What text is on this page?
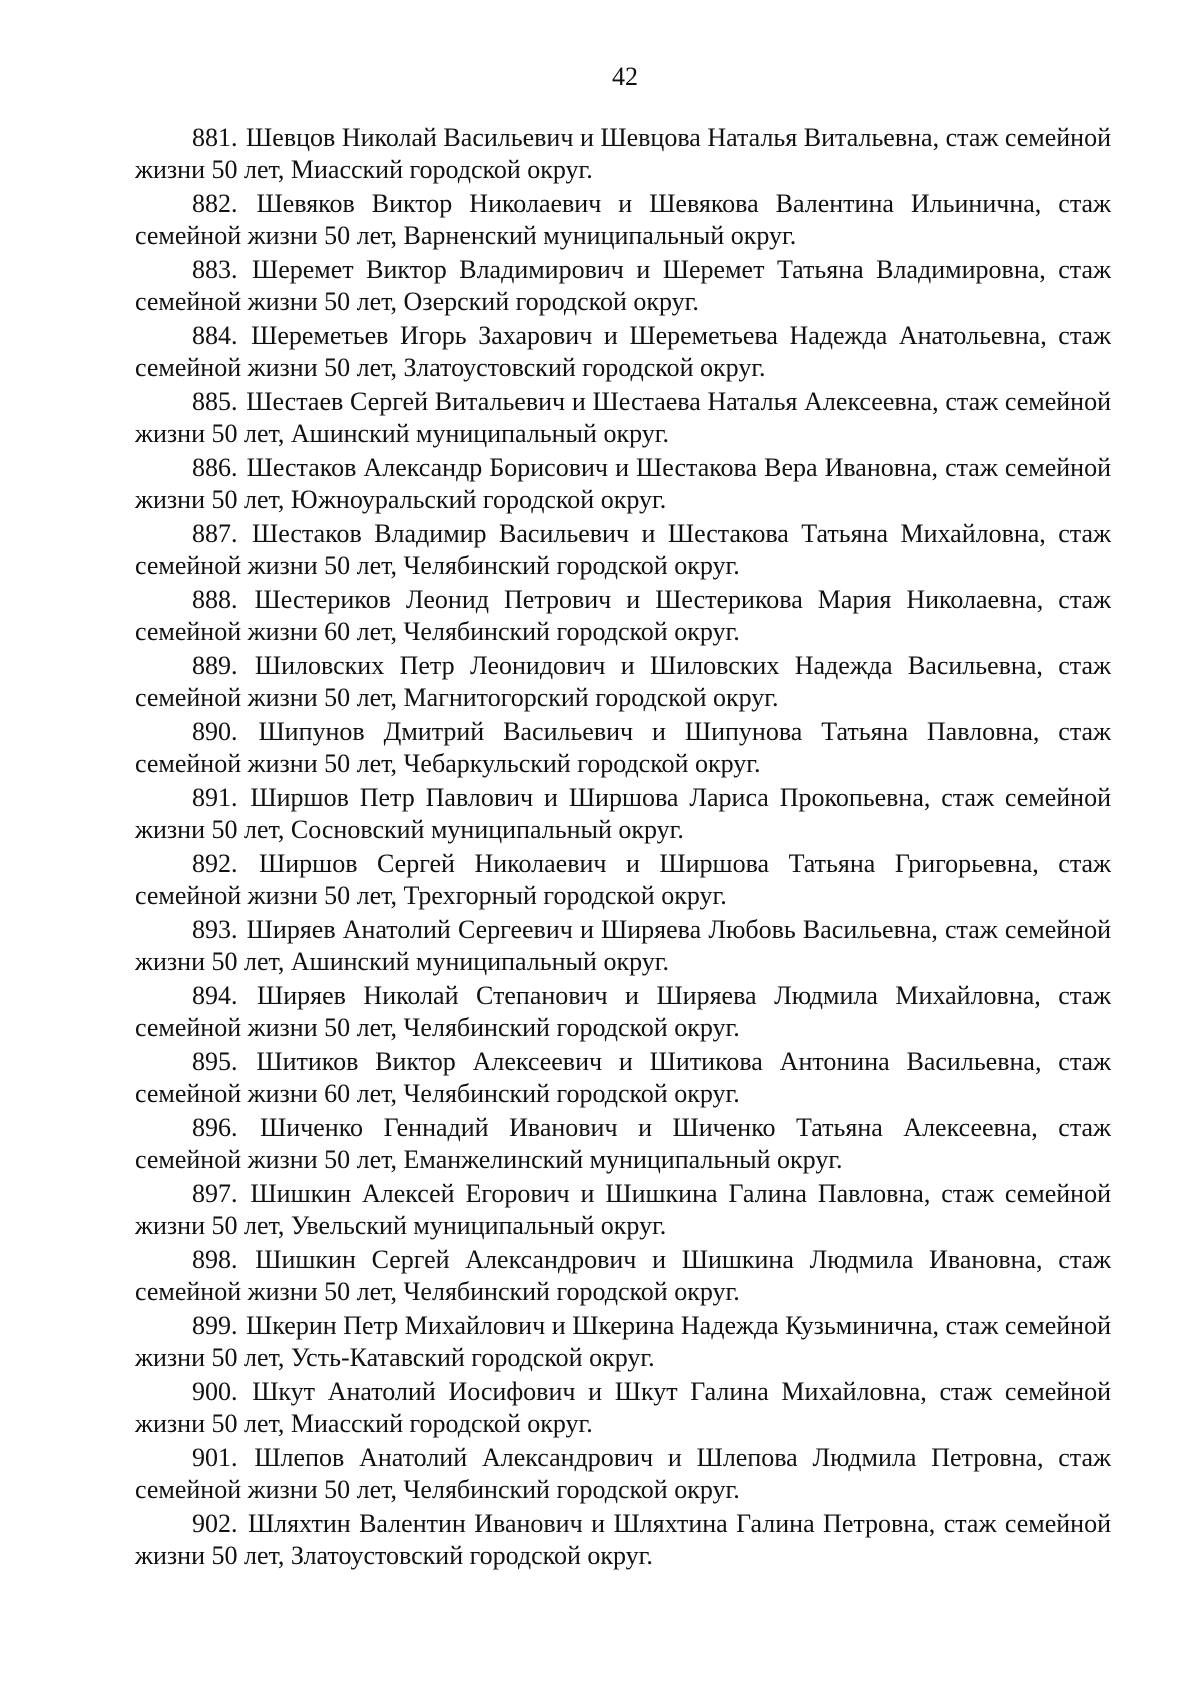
42
881. Шевцов Николай Васильевич и Шевцова Наталья Витальевна, стаж семейной жизни 50 лет, Миасский городской округ.
882. Шевяков Виктор Николаевич и Шевякова Валентина Ильинична, стаж семейной жизни 50 лет, Варненский муниципальный округ.
883. Шеремет Виктор Владимирович и Шеремет Татьяна Владимировна, стаж семейной жизни 50 лет, Озерский городской округ.
884. Шереметьев Игорь Захарович и Шереметьева Надежда Анатольевна, стаж семейной жизни 50 лет, Златоустовский городской округ.
885. Шестаев Сергей Витальевич и Шестаева Наталья Алексеевна, стаж семейной жизни 50 лет, Ашинский муниципальный округ.
886. Шестаков Александр Борисович и Шестакова Вера Ивановна, стаж семейной жизни 50 лет, Южноуральский городской округ.
887. Шестаков Владимир Васильевич и Шестакова Татьяна Михайловна, стаж семейной жизни 50 лет, Челябинский городской округ.
888. Шестериков Леонид Петрович и Шестерикова Мария Николаевна, стаж семейной жизни 60 лет, Челябинский городской округ.
889. Шиловских Петр Леонидович и Шиловских Надежда Васильевна, стаж семейной жизни 50 лет, Магнитогорский городской округ.
890. Шипунов Дмитрий Васильевич и Шипунова Татьяна Павловна, стаж семейной жизни 50 лет, Чебаркульский городской округ.
891. Ширшов Петр Павлович и Ширшова Лариса Прокопьевна, стаж семейной жизни 50 лет, Сосновский муниципальный округ.
892. Ширшов Сергей Николаевич и Ширшова Татьяна Григорьевна, стаж семейной жизни 50 лет, Трехгорный городской округ.
893. Ширяев Анатолий Сергеевич и Ширяева Любовь Васильевна, стаж семейной жизни 50 лет, Ашинский муниципальный округ.
894. Ширяев Николай Степанович и Ширяева Людмила Михайловна, стаж семейной жизни 50 лет, Челябинский городской округ.
895. Шитиков Виктор Алексеевич и Шитикова Антонина Васильевна, стаж семейной жизни 60 лет, Челябинский городской округ.
896. Шиченко Геннадий Иванович и Шиченко Татьяна Алексеевна, стаж семейной жизни 50 лет, Еманжелинский муниципальный округ.
897. Шишкин Алексей Егорович и Шишкина Галина Павловна, стаж семейной жизни 50 лет, Увельский муниципальный округ.
898. Шишкин Сергей Александрович и Шишкина Людмила Ивановна, стаж семейной жизни 50 лет, Челябинский городской округ.
899. Шкерин Петр Михайлович и Шкерина Надежда Кузьминична, стаж семейной жизни 50 лет, Усть-Катавский городской округ.
900. Шкут Анатолий Иосифович и Шкут Галина Михайловна, стаж семейной жизни 50 лет, Миасский городской округ.
901. Шлепов Анатолий Александрович и Шлепова Людмила Петровна, стаж семейной жизни 50 лет, Челябинский городской округ.
902. Шляхтин Валентин Иванович и Шляхтина Галина Петровна, стаж семейной жизни 50 лет, Златоустовский городской округ.
